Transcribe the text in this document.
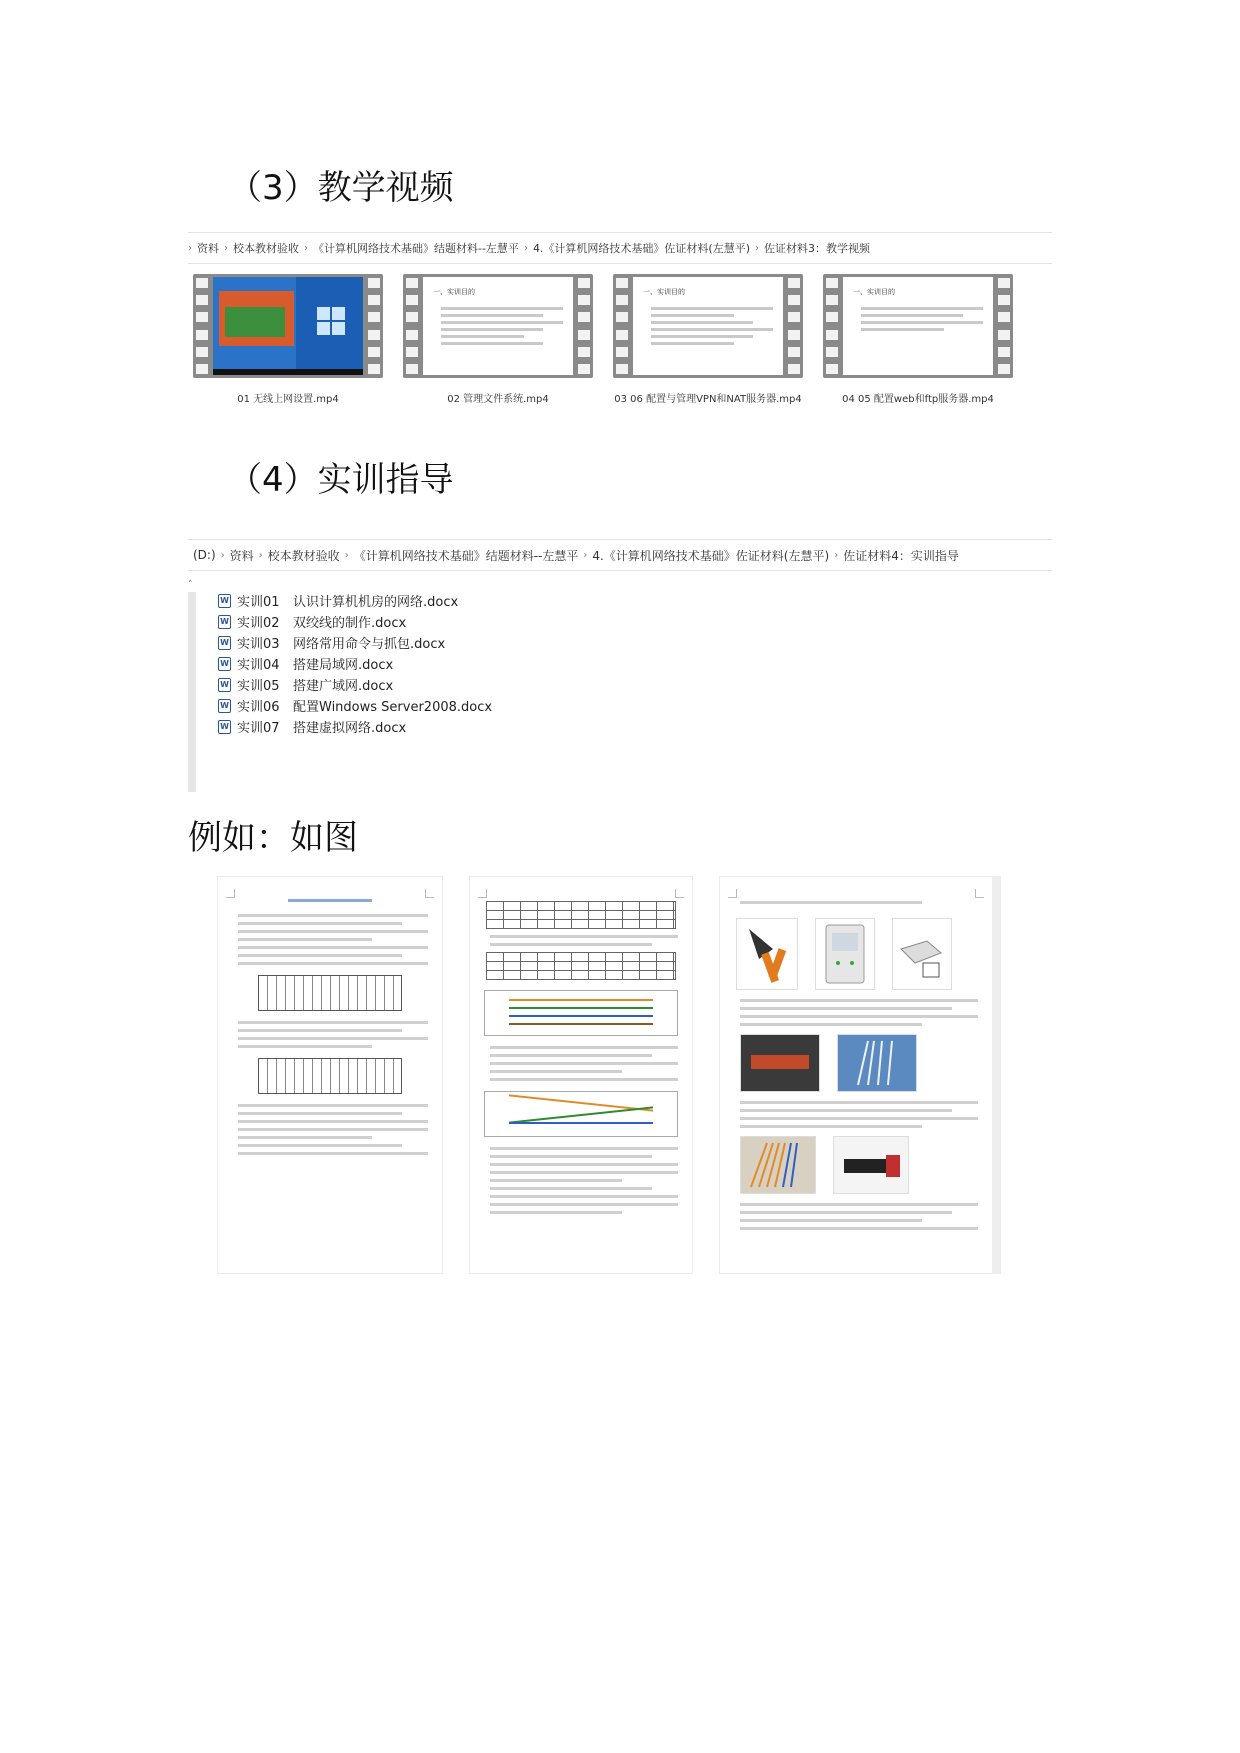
（3）教学视频
› 资料 › 校本教材验收 › 《计算机网络技术基础》结题材料--左慧平 › 4.《计算机网络技术基础》佐证材料(左慧平) › 佐证材料3：教学视频
01 无线上网设置.mp4
一、实训目的
02 管理文件系统.mp4
一、实训目的
03 06 配置与管理VPN和NAT服务器.mp4
一、实训目的
04 05 配置web和ftp服务器.mp4
（4）实训指导
(D:) › 资料 › 校本教材验收 › 《计算机网络技术基础》结题材料--左慧平 › 4.《计算机网络技术基础》佐证材料(左慧平) › 佐证材料4：实训指导
˄
W 实训01	认识计算机机房的网络.docx
W 实训02	双绞线的制作.docx
W 实训03	网络常用命令与抓包.docx
W 实训04	搭建局域网.docx
W 实训05	搭建广域网.docx
W 实训06	配置Windows Server2008.docx
W 实训07	搭建虚拟网络.docx
例如：如图
